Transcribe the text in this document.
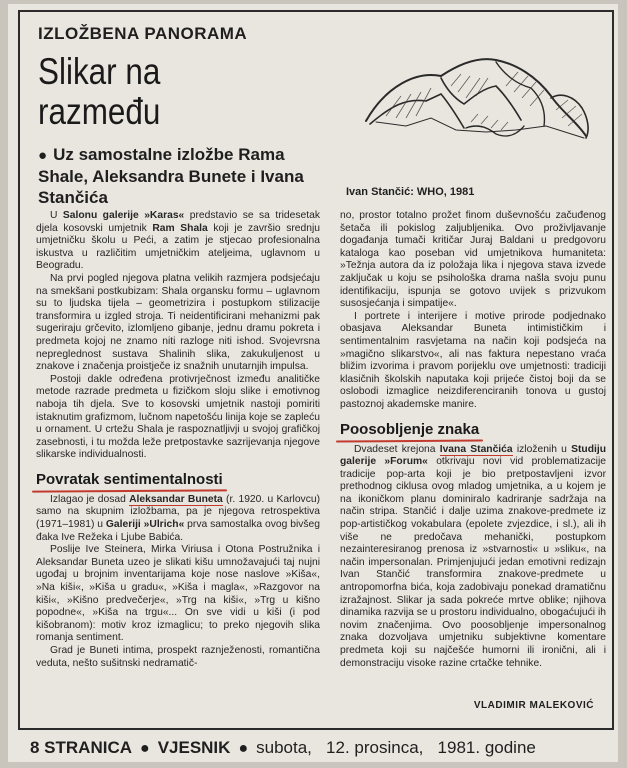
IZLOŽBENA PANORAMA
Slikar na razmeđu
● Uz samostalne izložbe Rama Shale, Aleksandra Bunete i Ivana Stančića	Ivan Stančić: WHO, 1981

U Salonu galerije »Karas« predstavio se sa tridesetak djela kosovski umjetnik Ram Shala koji je završio srednju umjetničku školu u Peći, a zatim je stjecao profesionalna iskustva u različitim umjetničkim ateljeima, uglavnom u Beogradu.

Na prvi pogled njegova platna velikih razmjera podsjećaju na smekšani postkubizam: Shala organsku formu – uglavnom su to ljudska tijela – geometrizira i postupkom stilizacije transformira u izgled stroja. Ti neidentificirani mehanizmi pak sugeriraju grčevito, izlomljeno gibanje, jednu dramu pokreta i predmeta kojoj ne znamo niti razloge niti ishod. Svojevrsna nepreglednost sustava Shalinih slika, zakukuljenost u znakove i značenja proistječe iz snažnih unutarnjih impulsa.

Postoji dakle određena protivrječnost između analitičke metode razrade predmeta u fizičkom sloju slike i emotivnog naboja tih djela. Sve to kosovski umjetnik nastoji pomiriti istaknutim grafizmom, lučnom napetošću linija koje se zapleću u ornament. U crtežu Shala je raspoznatljivji u svojoj grafičkoj zasebnosti, i tu možda leže pretpostavke sazrijevanja njegove slikarske individualnosti.

Povratak sentimentalnosti

Izlagao je dosad Aleksandar Buneta (r. 1920. u Karlovcu) samo na skupnim izložbama, pa je njegova retrospektiva (1971–1981) u Galeriji »Ulrich« prva samostalka ovog bivšeg đaka Ive Režeka i Ljube Babića.

Poslije Ive Steinera, Mirka Viriusa i Otona Postružnika i Aleksandar Buneta uzeo je slikati kišu umnožavajući taj nujni ugođaj u brojnim inventarijama koje nose naslove »Kiša«, »Na kiši«, »Kiša u gradu«, »Kiša i magla«, »Razgovor na kiši«, »Kišno predvečerje«, »Trg na kiši«, »Trg u kišno popodne«, »Kiša na trgu«... On sve vidi u kiši (i pod kišobranom): motiv kroz izmaglicu; to preko njegovih slika romanja sentiment.

Grad je Buneti intima, prospekt raznježenosti, romantična veduta, nešto sušitnski nedramatič-

no, prostor totalno prožet finom duševnošću začuđenog šetača ili pokislog zaljubljenika. Ovo proživljavanje događanja tumači kritičar Juraj Baldani u predgovoru kataloga kao poseban vid umjetnikova humaniteta: »Težnja autora da iz položaja lika i njegova stava izvede zaključak u koju se psihološka drama našla svoju punu identifikaciju, ispunja se gotovo uvijek s prizvukom susosjećanja i simpatije«.

I portrete i interijere i motive prirode podjednako obasjava Aleksandar Buneta intimističkim i sentimentalnim rasvjetama na način koji podsjeća na »magično slikarstvo«, ali nas faktura nepestano vraća bližim izvorima i pravom porijeklu ove umjetnosti: tradiciji klasičnih školskih naputaka koji prijeće čistoj boji da se oslobodi izmaglice neizdiferenciranih tonova u gustoj pastoznoj akademske manire.

Poosobljenje znaka

Dvadeset krejona Ivana Stančića izloženih u Studiju galerije »Forum« otkrivaju novi vid problematizacije tradicije pop-arta koji je bio pretpostavljeni izvor prethodnog ciklusa ovog mladog umjetnika, a u kojem je na ikoničkom planu dominiralo kadriranje sadržaja na način stripa. Stančić i dalje uzima znakove-predmete iz pop-artističkog vokabulara (epolete zvjezdice, i sl.), ali ih više ne predočava mehanički, postupkom nezainteresiranog prenosa iz »stvarnosti« u »sliku«, na način impersonalan. Primjenjujući jedan emotivni redizajn Ivan Stančić transformira znakove-predmete u antropomorfna bića, koja zadobivaju ponekad dramatičnu izražajnost. Slikar ja sada pokreće mrtve oblike; njihova dinamika razvija se u prostoru individualno, obogaćujući ih novim značenjima. Ovo poosobljenje impersonalnog znaka dozvoljava umjetniku subjektivne komentare predmeta koji su najčešće humorni ili ironični, ali i demonstraciju visoke razine crtačke tehnike.

VLADIMIR MALEKOVIĆ
8 STRANICA ● VJESNIK ● subota,   12. prosinca,   1981. godine
